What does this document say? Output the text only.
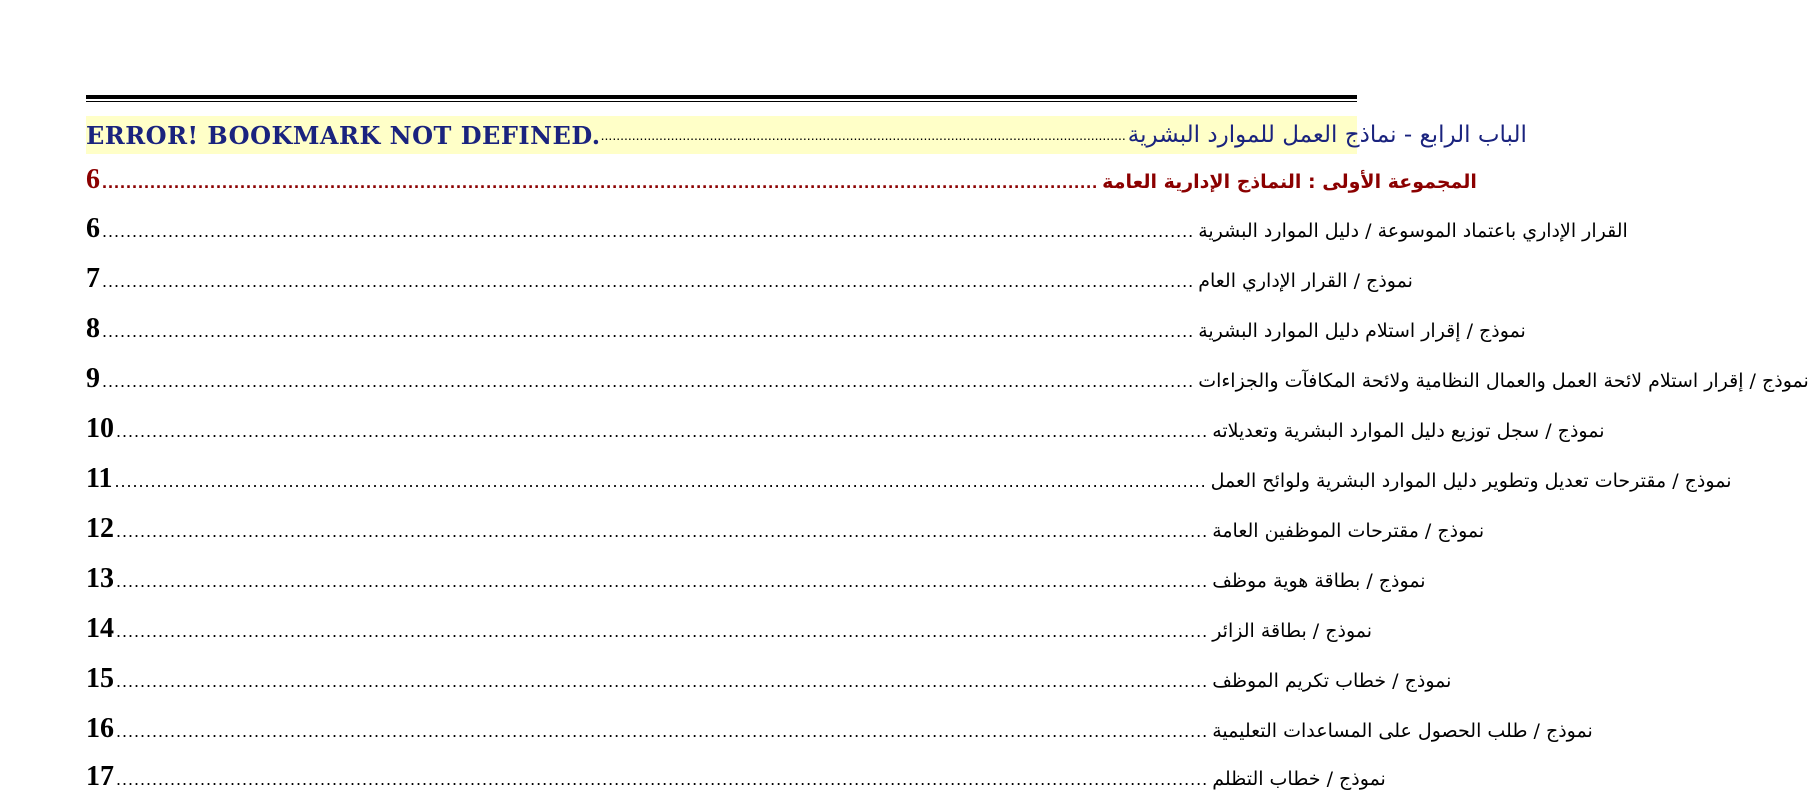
ERROR! BOOKMARK NOT DEFINED. ....................................................................................................................................... الباب الرابع - نماذج العمل للموارد البشرية
6 ...................................................................................................................................................................... المجموعة الأولى : النماذج الإدارية العامة
6 ...................................................................................................................................................................................... القرار الإداري باعتماد الموسوعة / دليل الموارد البشرية
7 ...................................................................................................................................................................................... نموذج / القرار الإداري العام
8 ...................................................................................................................................................................................... نموذج / إقرار استلام دليل الموارد البشرية
9 ...................................................................................................................................................................................... نموذج / إقرار استلام لائحة العمل والعمال النظامية ولائحة المكافآت والجزاءات
10 ...................................................................................................................................................................................... نموذج / سجل توزيع دليل الموارد البشرية وتعديلاته
11 ...................................................................................................................................................................................... نموذج / مقترحات تعديل وتطوير دليل الموارد البشرية ولوائح العمل
12 ...................................................................................................................................................................................... نموذج / مقترحات الموظفين العامة
13 ...................................................................................................................................................................................... نموذج / بطاقة هوية موظف
14 ...................................................................................................................................................................................... نموذج / بطاقة الزائر
15 ...................................................................................................................................................................................... نموذج / خطاب تكريم الموظف
16 ...................................................................................................................................................................................... نموذج / طلب الحصول على المساعدات التعليمية
17 ...................................................................................................................................................................................... نموذج / خطاب التظلم
